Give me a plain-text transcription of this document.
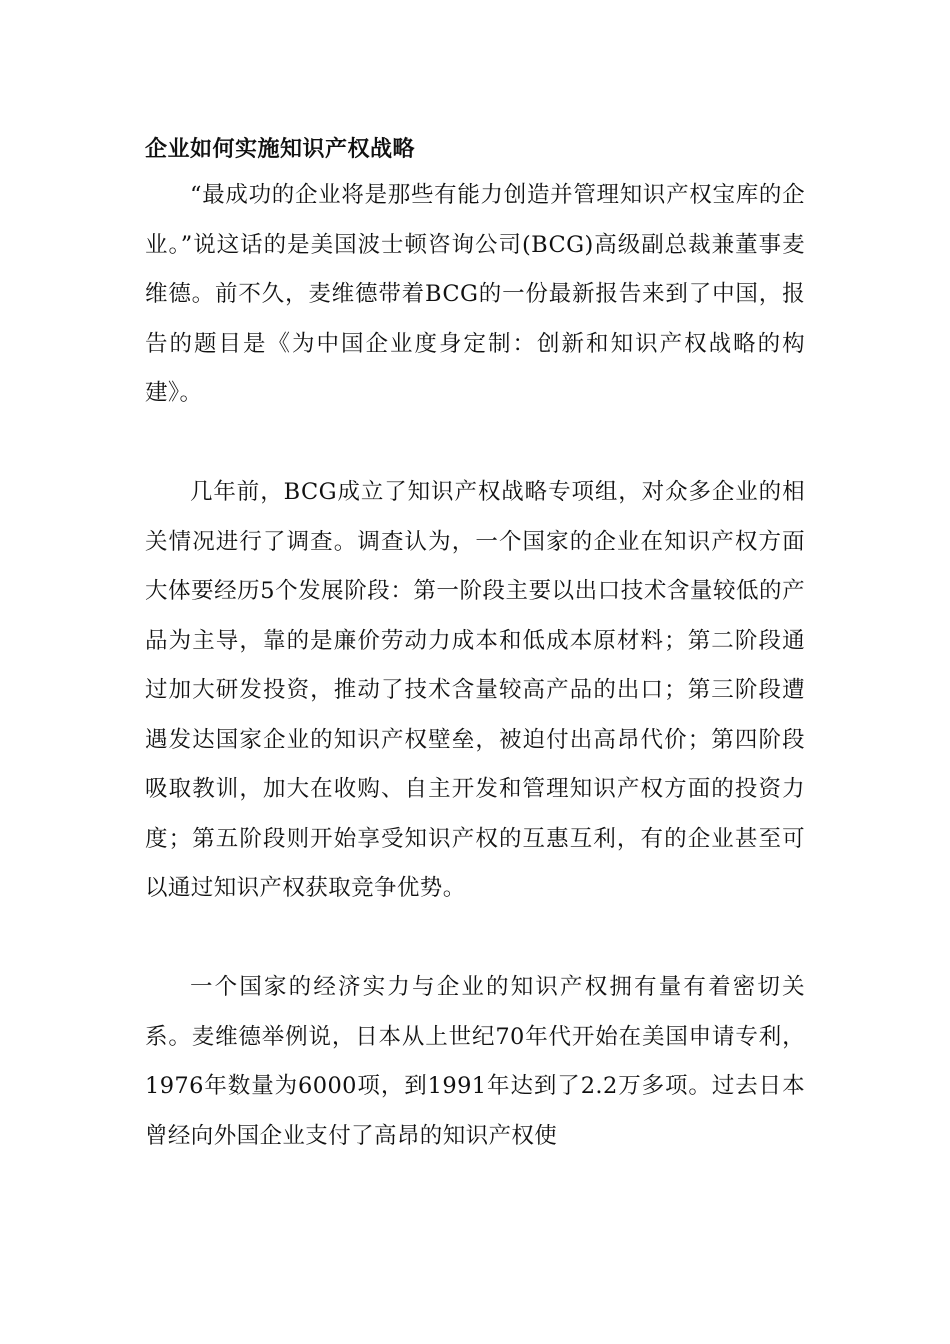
企业如何实施知识产权战略

“最成功的企业将是那些有能力创造并管理知识产权宝库的企业。”说这话的是美国波士顿咨询公司(BCG)高级副总裁兼董事麦维德。前不久，麦维德带着BCG的一份最新报告来到了中国，报告的题目是《为中国企业度身定制：创新和知识产权战略的构建》。

几年前，BCG成立了知识产权战略专项组，对众多企业的相关情况进行了调查。调查认为，一个国家的企业在知识产权方面大体要经历5个发展阶段：第一阶段主要以出口技术含量较低的产品为主导，靠的是廉价劳动力成本和低成本原材料；第二阶段通过加大研发投资，推动了技术含量较高产品的出口；第三阶段遭遇发达国家企业的知识产权壁垒，被迫付出高昂代价；第四阶段吸取教训，加大在收购、自主开发和管理知识产权方面的投资力度；第五阶段则开始享受知识产权的互惠互利，有的企业甚至可以通过知识产权获取竞争优势。

一个国家的经济实力与企业的知识产权拥有量有着密切关系。麦维德举例说，日本从上世纪70年代开始在美国申请专利，1976年数量为6000项，到1991年达到了2.2万多项。过去日本曾经向外国企业支付了高昂的知识产权使
